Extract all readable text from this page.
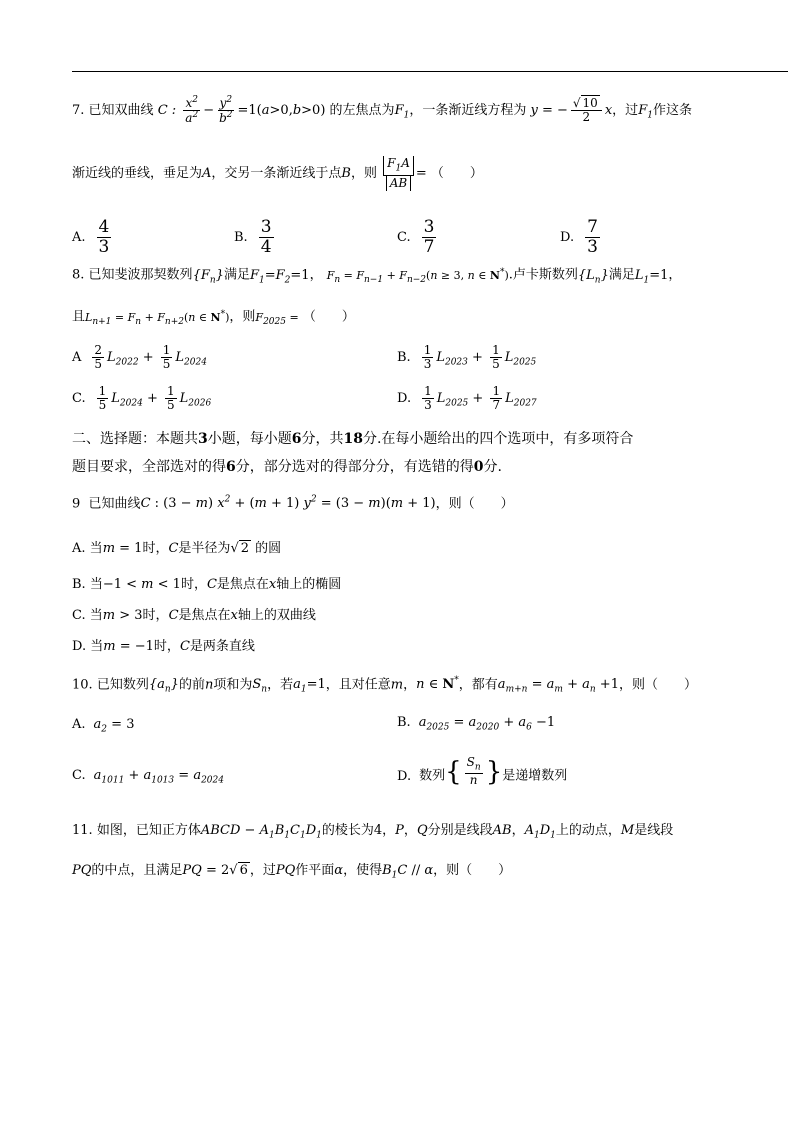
7. 已知双曲线 C : $\frac{x^2}{a^2} - \frac{y^2}{b^2} =1(a>0,b>0)$ 的左焦点为$F_1$，一条渐近线方程为 y = − $\frac{√ 10}{2}$ x，过$F_1$作这条
渐近线的垂线，垂足为A，交另一条渐近线于点B，则 $\frac{F_1A}{AB}$ = （　　）
A. $\frac{4}{3}$	B. $\frac{3}{4}$	C. $\frac{3}{7}$	D. $\frac{7}{3}$
8. 已知斐波那契数列$\{F_n\}$满足$F_1=F_2=1$， $F_n = F_{n-1} + F_{n-2}(n \ge 3$, n ∈ N*).卢卡斯数列$\{L_n\}$满足$L_1=1$，
且$L_{n+1} = F_n + F_{n+2}(n$ ∈ N*)，则$F_{2025}$ = （　　）
A $\frac{2}{5} L_{2022} + \frac{1}{5} L_{2024}$	B. $\frac{1}{3} L_{2023} + \frac{1}{5} L_{2025}$
C. $\frac{1}{5} L_{2024} + \frac{1}{5} L_{2026}$	D. $\frac{1}{3} L_{2025} + \frac{1}{7} L_{2027}$
二、选择题：本题共3小题，每小题6分，共18分.在每小题给出的四个选项中，有多项符合
题目要求，全部选对的得6分，部分选对的得部分分，有选错的得0分.
9 已知曲线C : (3 − m) $x^2 + (m + 1) y^2 = (3 - m)(m + 1)$，则（　　）
A. 当m = 1时，C是半径为√ 2 的圆
B. 当−1 < m < 1时，C是焦点在x轴上的椭圆
C. 当m > 3时，C是焦点在x轴上的双曲线
D. 当m = −1时，C是两条直线
10. 已知数列$\{a_n\}$的前n项和为$S_n$，若$a_1=1$，且对任意m，n ∈ N*，都有$a_{m+n} = a_m + a_n +1$，则（　　）
A. $a_2 = 3$	B. $a_{2025} = a_{2020} + a_6 -1$
C. $a_{1011} + a_{1013} = a_{2024}$	D. 数列 { $\frac{S_n}{n}$ } 是递增数列
11. 如图，已知正方体ABCD − $A_1B_1C_1D_1$的棱长为4，P，Q分别是线段AB，$A_1D_1$上的动点，M是线段
PQ的中点，且满足PQ = 2√ 6 ，过PQ作平面α，使得$B_1C$ // α，则（　　）
